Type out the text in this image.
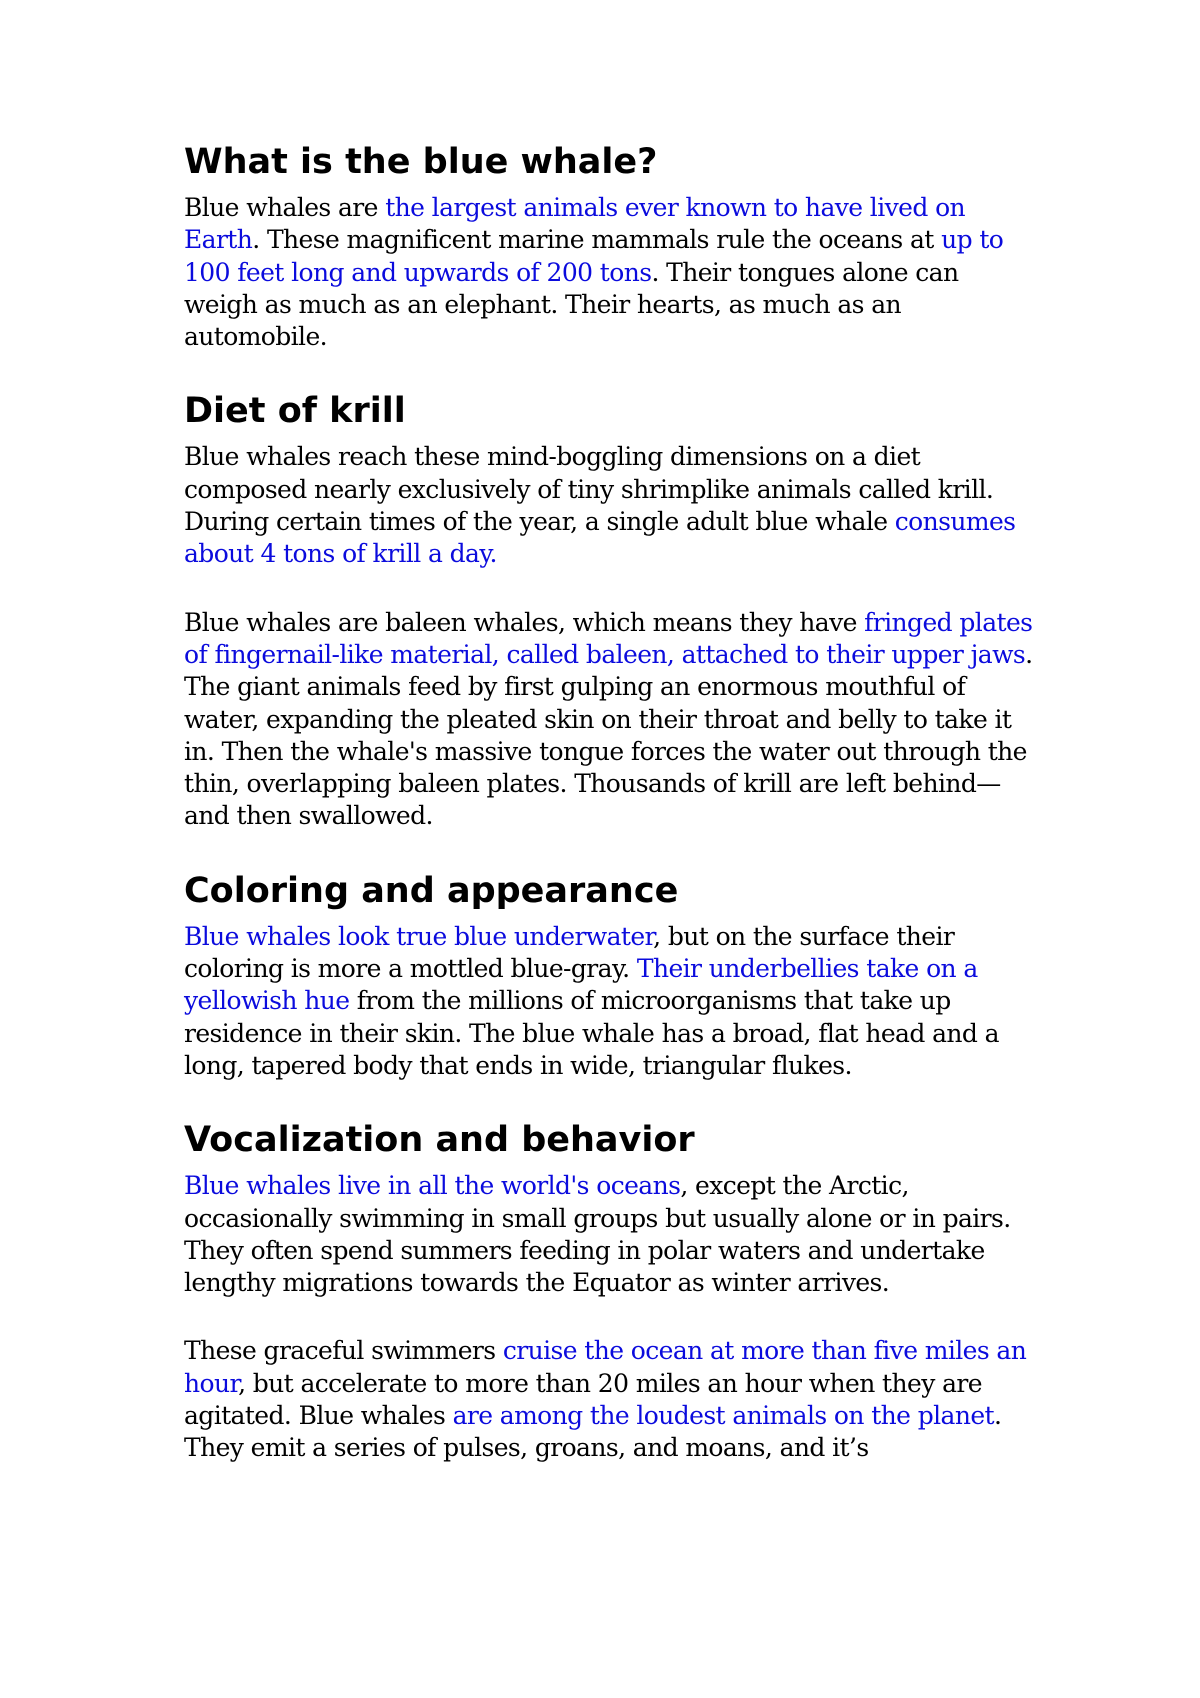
What is the blue whale?

Blue whales are the largest animals ever known to have lived on Earth. These magnificent marine mammals rule the oceans at up to 100 feet long and upwards of 200 tons. Their tongues alone can weigh as much as an elephant. Their hearts, as much as an automobile.

Diet of krill

Blue whales reach these mind-boggling dimensions on a diet composed nearly exclusively of tiny shrimplike animals called krill. During certain times of the year, a single adult blue whale consumes about 4 tons of krill a day.

Blue whales are baleen whales, which means they have fringed plates of fingernail-like material, called baleen, attached to their upper jaws. The giant animals feed by first gulping an enormous mouthful of water, expanding the pleated skin on their throat and belly to take it in. Then the whale's massive tongue forces the water out through the thin, overlapping baleen plates. Thousands of krill are left behind—and then swallowed.

Coloring and appearance

Blue whales look true blue underwater, but on the surface their coloring is more a mottled blue-gray. Their underbellies take on a yellowish hue from the millions of microorganisms that take up residence in their skin. The blue whale has a broad, flat head and a long, tapered body that ends in wide, triangular flukes.

Vocalization and behavior

Blue whales live in all the world's oceans, except the Arctic, occasionally swimming in small groups but usually alone or in pairs. They often spend summers feeding in polar waters and undertake lengthy migrations towards the Equator as winter arrives.

These graceful swimmers cruise the ocean at more than five miles an hour, but accelerate to more than 20 miles an hour when they are agitated. Blue whales are among the loudest animals on the planet. They emit a series of pulses, groans, and moans, and it’s
